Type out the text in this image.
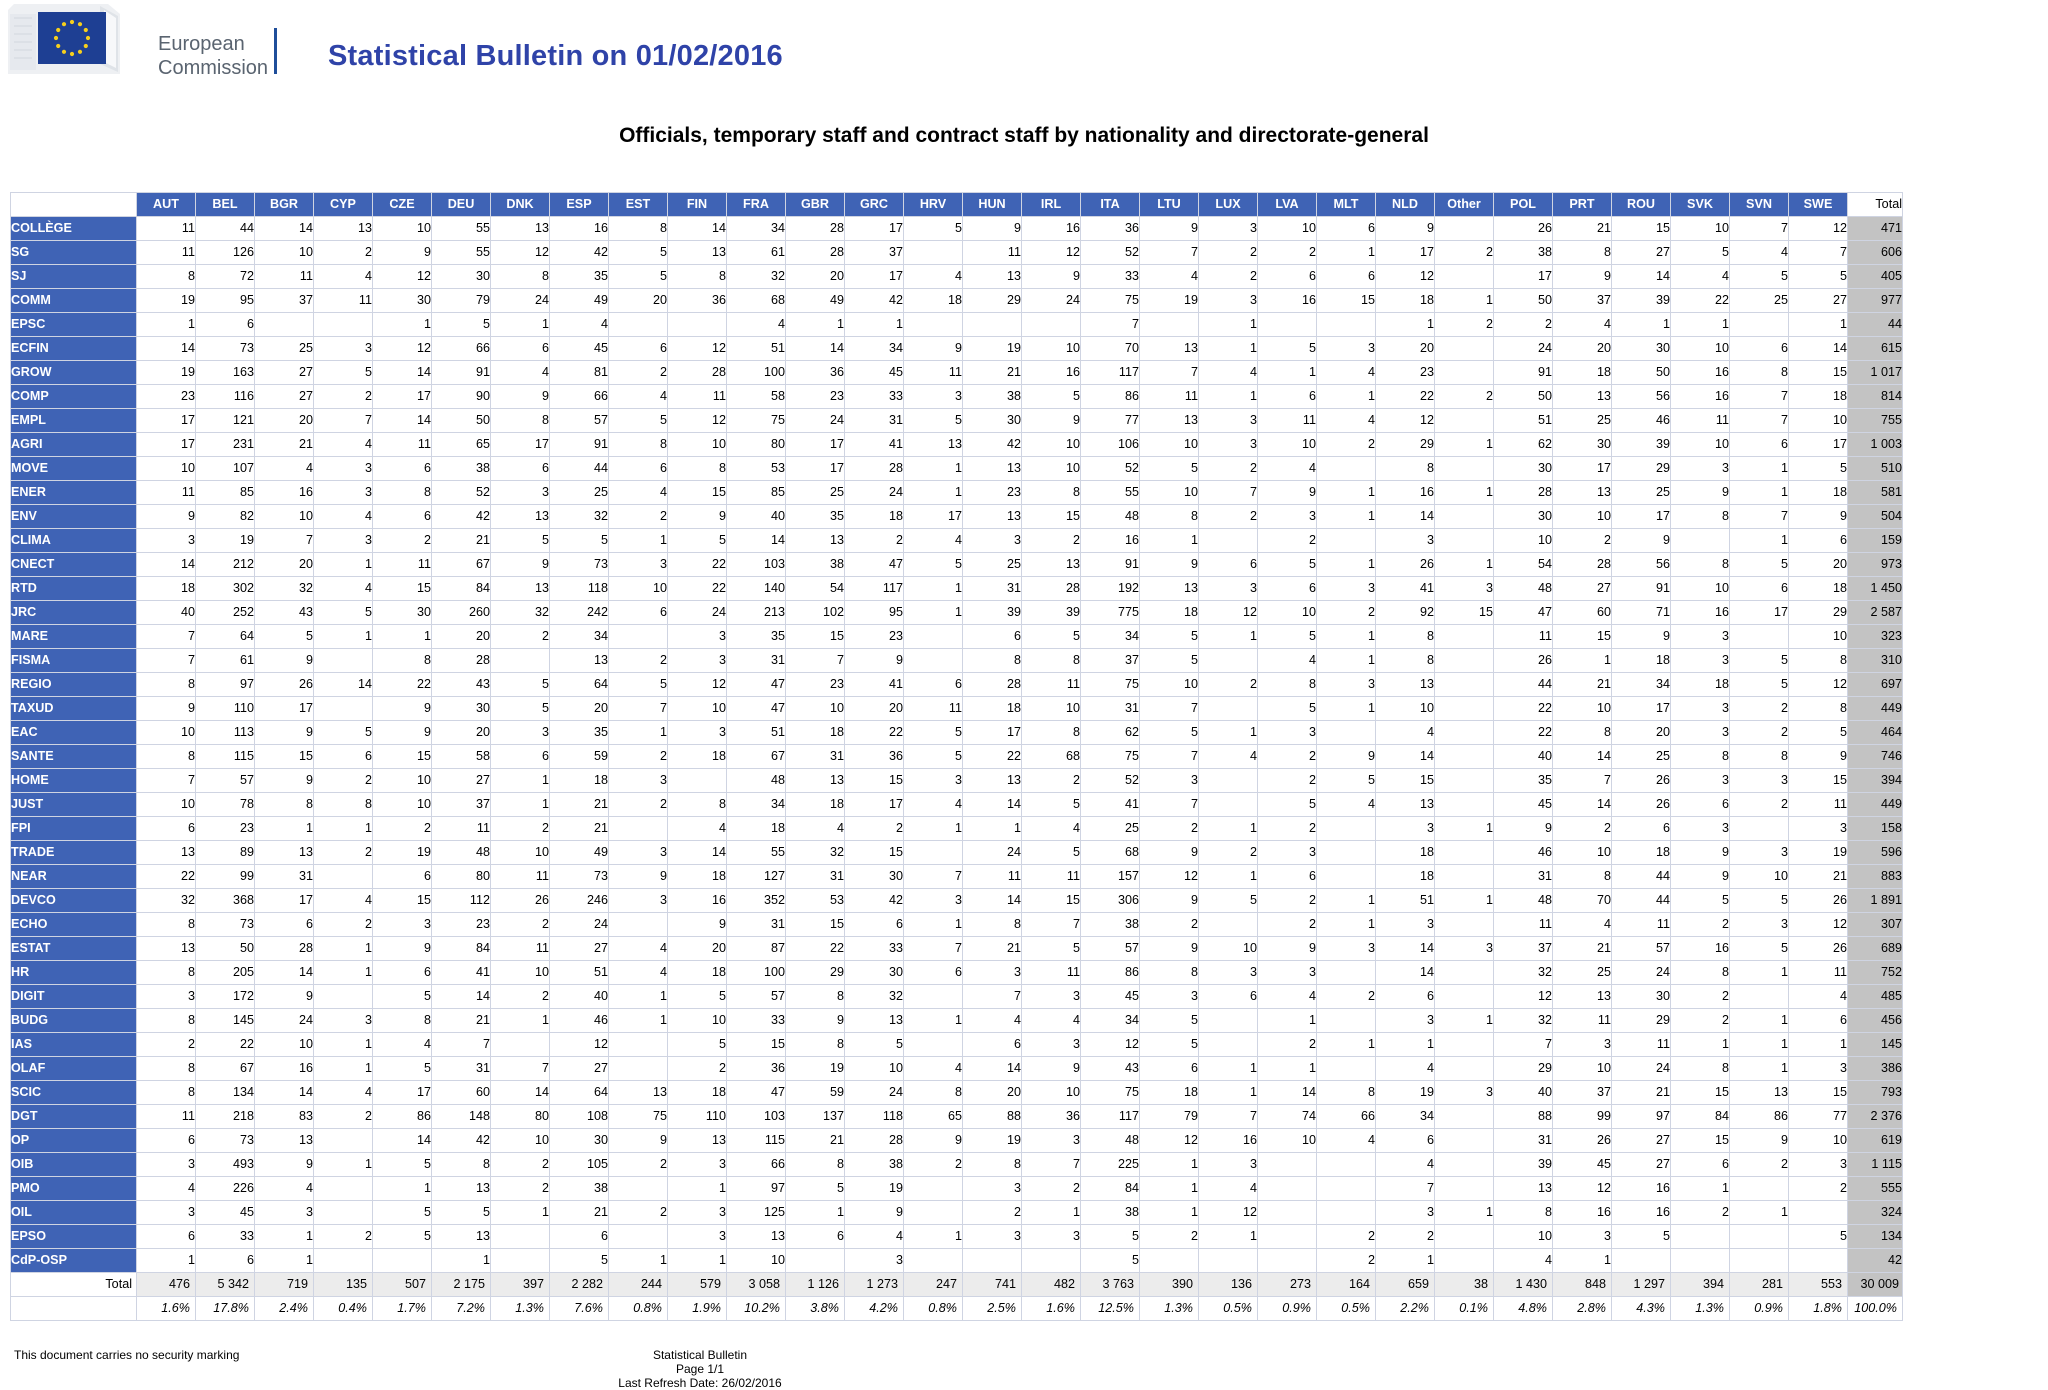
European
Commission Statistical Bulletin on 01/02/2016
Officials, temporary staff and contract staff by nationality and directorate-general
	AUT	BEL	BGR	CYP	CZE	DEU	DNK	ESP	EST	FIN	FRA	GBR	GRC	HRV	HUN	IRL	ITA	LTU	LUX	LVA	MLT	NLD	Other	POL	PRT	ROU	SVK	SVN	SWE	Total
COLLÈGE	11	44	14	13	10	55	13	16	8	14	34	28	17	5	9	16	36	9	3	10	6	9		26	21	15	10	7	12	471
SG	11	126	10	2	9	55	12	42	5	13	61	28	37		11	12	52	7	2	2	1	17	2	38	8	27	5	4	7	606
SJ	8	72	11	4	12	30	8	35	5	8	32	20	17	4	13	9	33	4	2	6	6	12		17	9	14	4	5	5	405
COMM	19	95	37	11	30	79	24	49	20	36	68	49	42	18	29	24	75	19	3	16	15	18	1	50	37	39	22	25	27	977
EPSC	1	6			1	5	1	4			4	1	1				7		1			1	2	2	4	1	1		1	44
ECFIN	14	73	25	3	12	66	6	45	6	12	51	14	34	9	19	10	70	13	1	5	3	20		24	20	30	10	6	14	615
GROW	19	163	27	5	14	91	4	81	2	28	100	36	45	11	21	16	117	7	4	1	4	23		91	18	50	16	8	15	1 017
COMP	23	116	27	2	17	90	9	66	4	11	58	23	33	3	38	5	86	11	1	6	1	22	2	50	13	56	16	7	18	814
EMPL	17	121	20	7	14	50	8	57	5	12	75	24	31	5	30	9	77	13	3	11	4	12		51	25	46	11	7	10	755
AGRI	17	231	21	4	11	65	17	91	8	10	80	17	41	13	42	10	106	10	3	10	2	29	1	62	30	39	10	6	17	1 003
MOVE	10	107	4	3	6	38	6	44	6	8	53	17	28	1	13	10	52	5	2	4		8		30	17	29	3	1	5	510
ENER	11	85	16	3	8	52	3	25	4	15	85	25	24	1	23	8	55	10	7	9	1	16	1	28	13	25	9	1	18	581
ENV	9	82	10	4	6	42	13	32	2	9	40	35	18	17	13	15	48	8	2	3	1	14		30	10	17	8	7	9	504
CLIMA	3	19	7	3	2	21	5	5	1	5	14	13	2	4	3	2	16	1		2		3		10	2	9		1	6	159
CNECT	14	212	20	1	11	67	9	73	3	22	103	38	47	5	25	13	91	9	6	5	1	26	1	54	28	56	8	5	20	973
RTD	18	302	32	4	15	84	13	118	10	22	140	54	117	1	31	28	192	13	3	6	3	41	3	48	27	91	10	6	18	1 450
JRC	40	252	43	5	30	260	32	242	6	24	213	102	95	1	39	39	775	18	12	10	2	92	15	47	60	71	16	17	29	2 587
MARE	7	64	5	1	1	20	2	34		3	35	15	23		6	5	34	5	1	5	1	8		11	15	9	3		10	323
FISMA	7	61	9		8	28		13	2	3	31	7	9		8	8	37	5		4	1	8		26	1	18	3	5	8	310
REGIO	8	97	26	14	22	43	5	64	5	12	47	23	41	6	28	11	75	10	2	8	3	13		44	21	34	18	5	12	697
TAXUD	9	110	17		9	30	5	20	7	10	47	10	20	11	18	10	31	7		5	1	10		22	10	17	3	2	8	449
EAC	10	113	9	5	9	20	3	35	1	3	51	18	22	5	17	8	62	5	1	3		4		22	8	20	3	2	5	464
SANTE	8	115	15	6	15	58	6	59	2	18	67	31	36	5	22	68	75	7	4	2	9	14		40	14	25	8	8	9	746
HOME	7	57	9	2	10	27	1	18	3		48	13	15	3	13	2	52	3		2	5	15		35	7	26	3	3	15	394
JUST	10	78	8	8	10	37	1	21	2	8	34	18	17	4	14	5	41	7		5	4	13		45	14	26	6	2	11	449
FPI	6	23	1	1	2	11	2	21		4	18	4	2	1	1	4	25	2	1	2		3	1	9	2	6	3		3	158
TRADE	13	89	13	2	19	48	10	49	3	14	55	32	15		24	5	68	9	2	3		18		46	10	18	9	3	19	596
NEAR	22	99	31		6	80	11	73	9	18	127	31	30	7	11	11	157	12	1	6		18		31	8	44	9	10	21	883
DEVCO	32	368	17	4	15	112	26	246	3	16	352	53	42	3	14	15	306	9	5	2	1	51	1	48	70	44	5	5	26	1 891
ECHO	8	73	6	2	3	23	2	24		9	31	15	6	1	8	7	38	2		2	1	3		11	4	11	2	3	12	307
ESTAT	13	50	28	1	9	84	11	27	4	20	87	22	33	7	21	5	57	9	10	9	3	14	3	37	21	57	16	5	26	689
HR	8	205	14	1	6	41	10	51	4	18	100	29	30	6	3	11	86	8	3	3		14		32	25	24	8	1	11	752
DIGIT	3	172	9		5	14	2	40	1	5	57	8	32		7	3	45	3	6	4	2	6		12	13	30	2		4	485
BUDG	8	145	24	3	8	21	1	46	1	10	33	9	13	1	4	4	34	5		1		3	1	32	11	29	2	1	6	456
IAS	2	22	10	1	4	7		12		5	15	8	5		6	3	12	5		2	1	1		7	3	11	1	1	1	145
OLAF	8	67	16	1	5	31	7	27		2	36	19	10	4	14	9	43	6	1	1		4		29	10	24	8	1	3	386
SCIC	8	134	14	4	17	60	14	64	13	18	47	59	24	8	20	10	75	18	1	14	8	19	3	40	37	21	15	13	15	793
DGT	11	218	83	2	86	148	80	108	75	110	103	137	118	65	88	36	117	79	7	74	66	34		88	99	97	84	86	77	2 376
OP	6	73	13		14	42	10	30	9	13	115	21	28	9	19	3	48	12	16	10	4	6		31	26	27	15	9	10	619
OIB	3	493	9	1	5	8	2	105	2	3	66	8	38	2	8	7	225	1	3			4		39	45	27	6	2	3	1 115
PMO	4	226	4		1	13	2	38		1	97	5	19		3	2	84	1	4			7		13	12	16	1		2	555
OIL	3	45	3		5	5	1	21	2	3	125	1	9		2	1	38	1	12			3	1	8	16	16	2	1		324
EPSO	6	33	1	2	5	13		6		3	13	6	4	1	3	3	5	2	1		2	2		10	3	5			5	134
CdP-OSP	1	6	1			1		5	1	1	10		3				5				2	1		4	1					42
Total	476	5 342	719	135	507	2 175	397	2 282	244	579	3 058	1 126	1 273	247	741	482	3 763	390	136	273	164	659	38	1 430	848	1 297	394	281	553	30 009
	1.6%	17.8%	2.4%	0.4%	1.7%	7.2%	1.3%	7.6%	0.8%	1.9%	10.2%	3.8%	4.2%	0.8%	2.5%	1.6%	12.5%	1.3%	0.5%	0.9%	0.5%	2.2%	0.1%	4.8%	2.8%	4.3%	1.3%	0.9%	1.8%	100.0%
This document carries no security marking	Statistical Bulletin
Page 1/1
Last Refresh Date: 26/02/2016
